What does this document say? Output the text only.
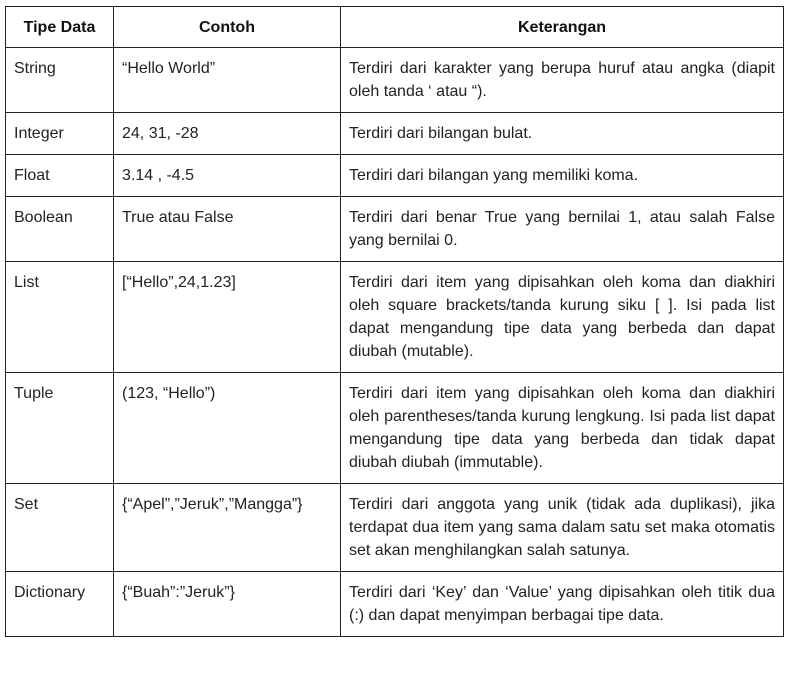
Tipe Data	Contoh	Keterangan
String	“Hello World”	Terdiri dari karakter yang berupa huruf atau angka (diapit oleh tanda ‘ atau “).
Integer	24, 31, -28	Terdiri dari bilangan bulat.
Float	3.14 , -4.5	Terdiri dari bilangan yang memiliki koma.
Boolean	True atau False	Terdiri dari benar True yang bernilai 1, atau salah False yang bernilai 0.
List	[“Hello”,24,1.23]	Terdiri dari item yang dipisahkan oleh koma dan diakhiri oleh square brackets/tanda kurung siku [ ]. Isi pada list dapat mengandung tipe data yang berbeda dan dapat diubah (mutable).
Tuple	(123, “Hello”)	Terdiri dari item yang dipisahkan oleh koma dan diakhiri oleh parentheses/tanda kurung lengkung. Isi pada list dapat mengandung tipe data yang berbeda dan tidak dapat diubah diubah (immutable).
Set	{“Apel”,”Jeruk”,”Mangga”}	Terdiri dari anggota yang unik (tidak ada duplikasi), jika terdapat dua item yang sama dalam satu set maka otomatis set akan menghilangkan salah satunya.
Dictionary	{“Buah”:”Jeruk”}	Terdiri dari ‘Key’ dan ‘Value’ yang dipisahkan oleh titik dua (:) dan dapat menyimpan berbagai tipe data.
